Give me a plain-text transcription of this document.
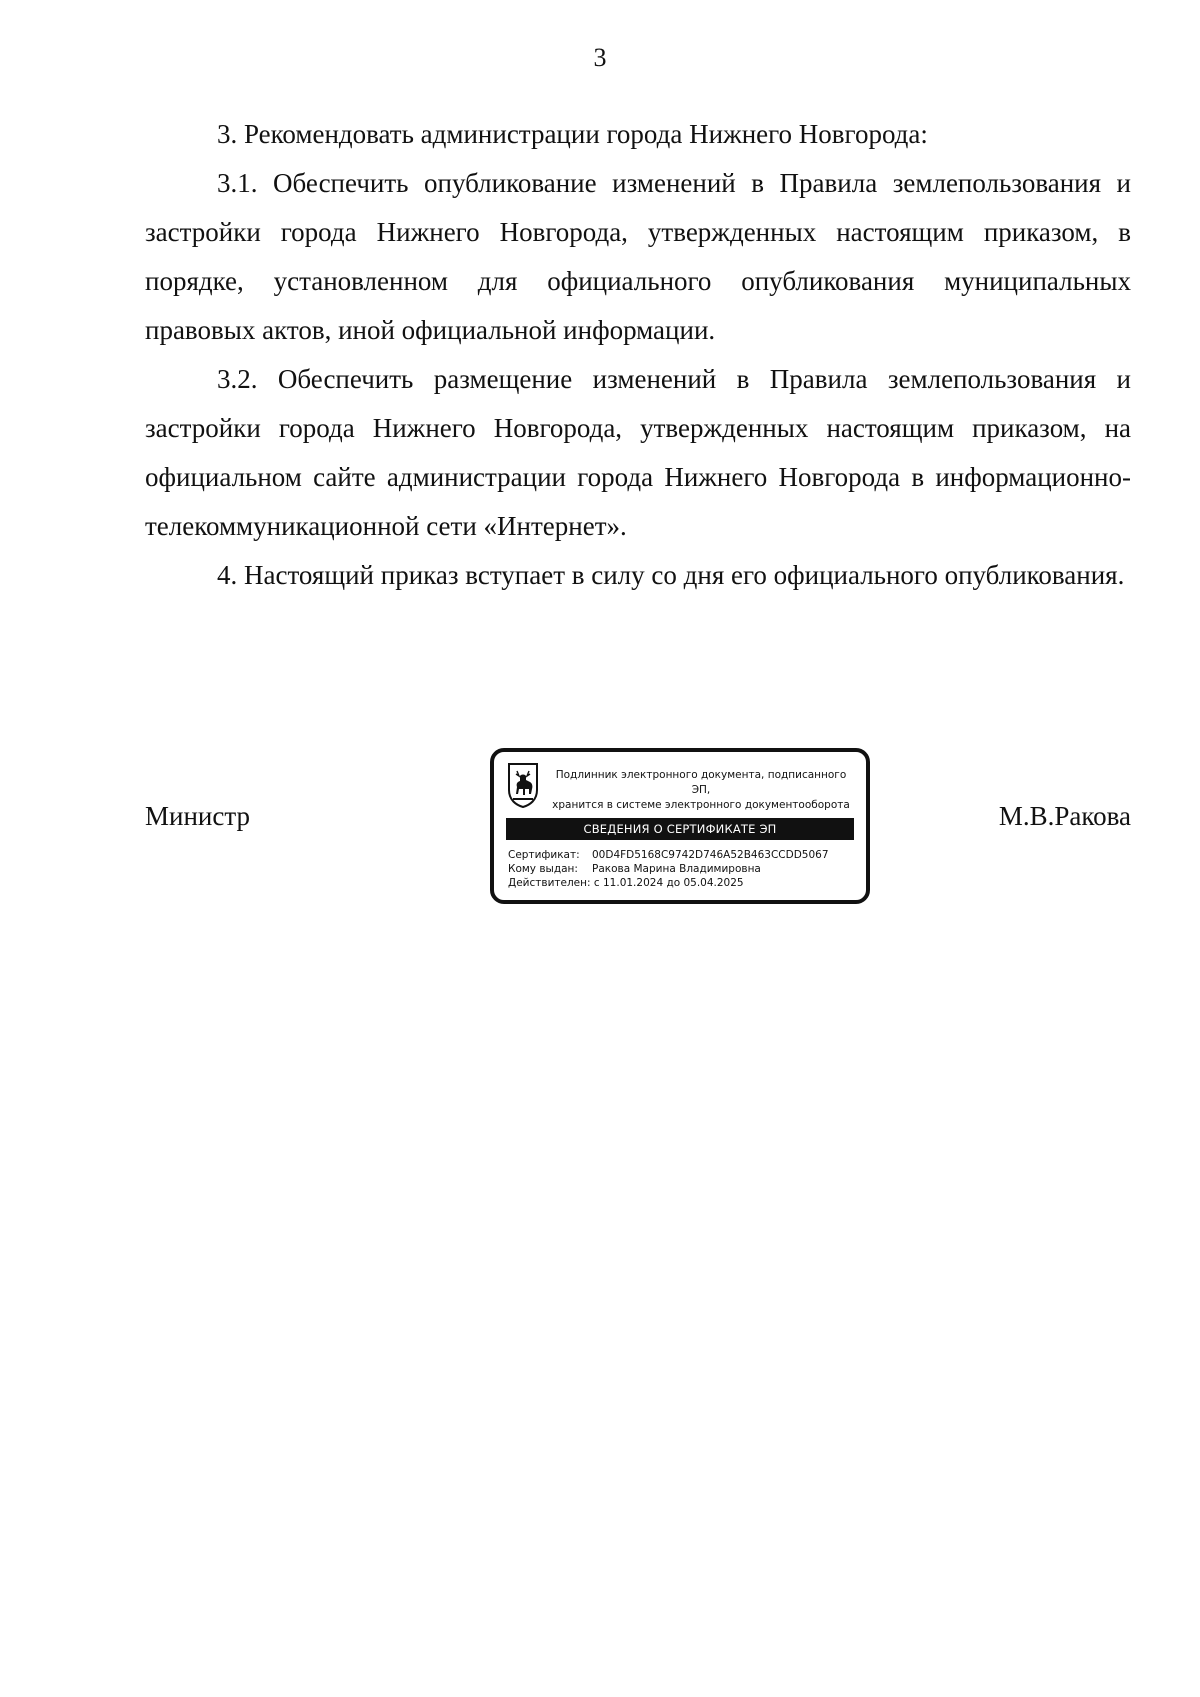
3

3. Рекомендовать администрации города Нижнего Новгорода:

3.1. Обеспечить опубликование изменений в Правила землепользования и застройки города Нижнего Новгорода, утвержденных настоящим приказом, в порядке, установленном для официального опубликования муниципальных правовых актов, иной официальной информации.

3.2. Обеспечить размещение изменений в Правила землепользования и застройки города Нижнего Новгорода, утвержденных настоящим приказом, на официальном сайте администрации города Нижнего Новгорода в информационно-телекоммуникационной сети «Интернет».

4. Настоящий приказ вступает в силу со дня его официального опубликования.

Министр
Подлинник электронного документа, подписанного ЭП,
хранится в системе электронного документооборота
СВЕДЕНИЯ О СЕРТИФИКАТЕ ЭП
Сертификат: 00D4FD5168C9742D746A52B463CCDD5067
Кому выдан: Ракова Марина Владимировна
Действителен: с 11.01.2024 до 05.04.2025
М.В.Ракова
